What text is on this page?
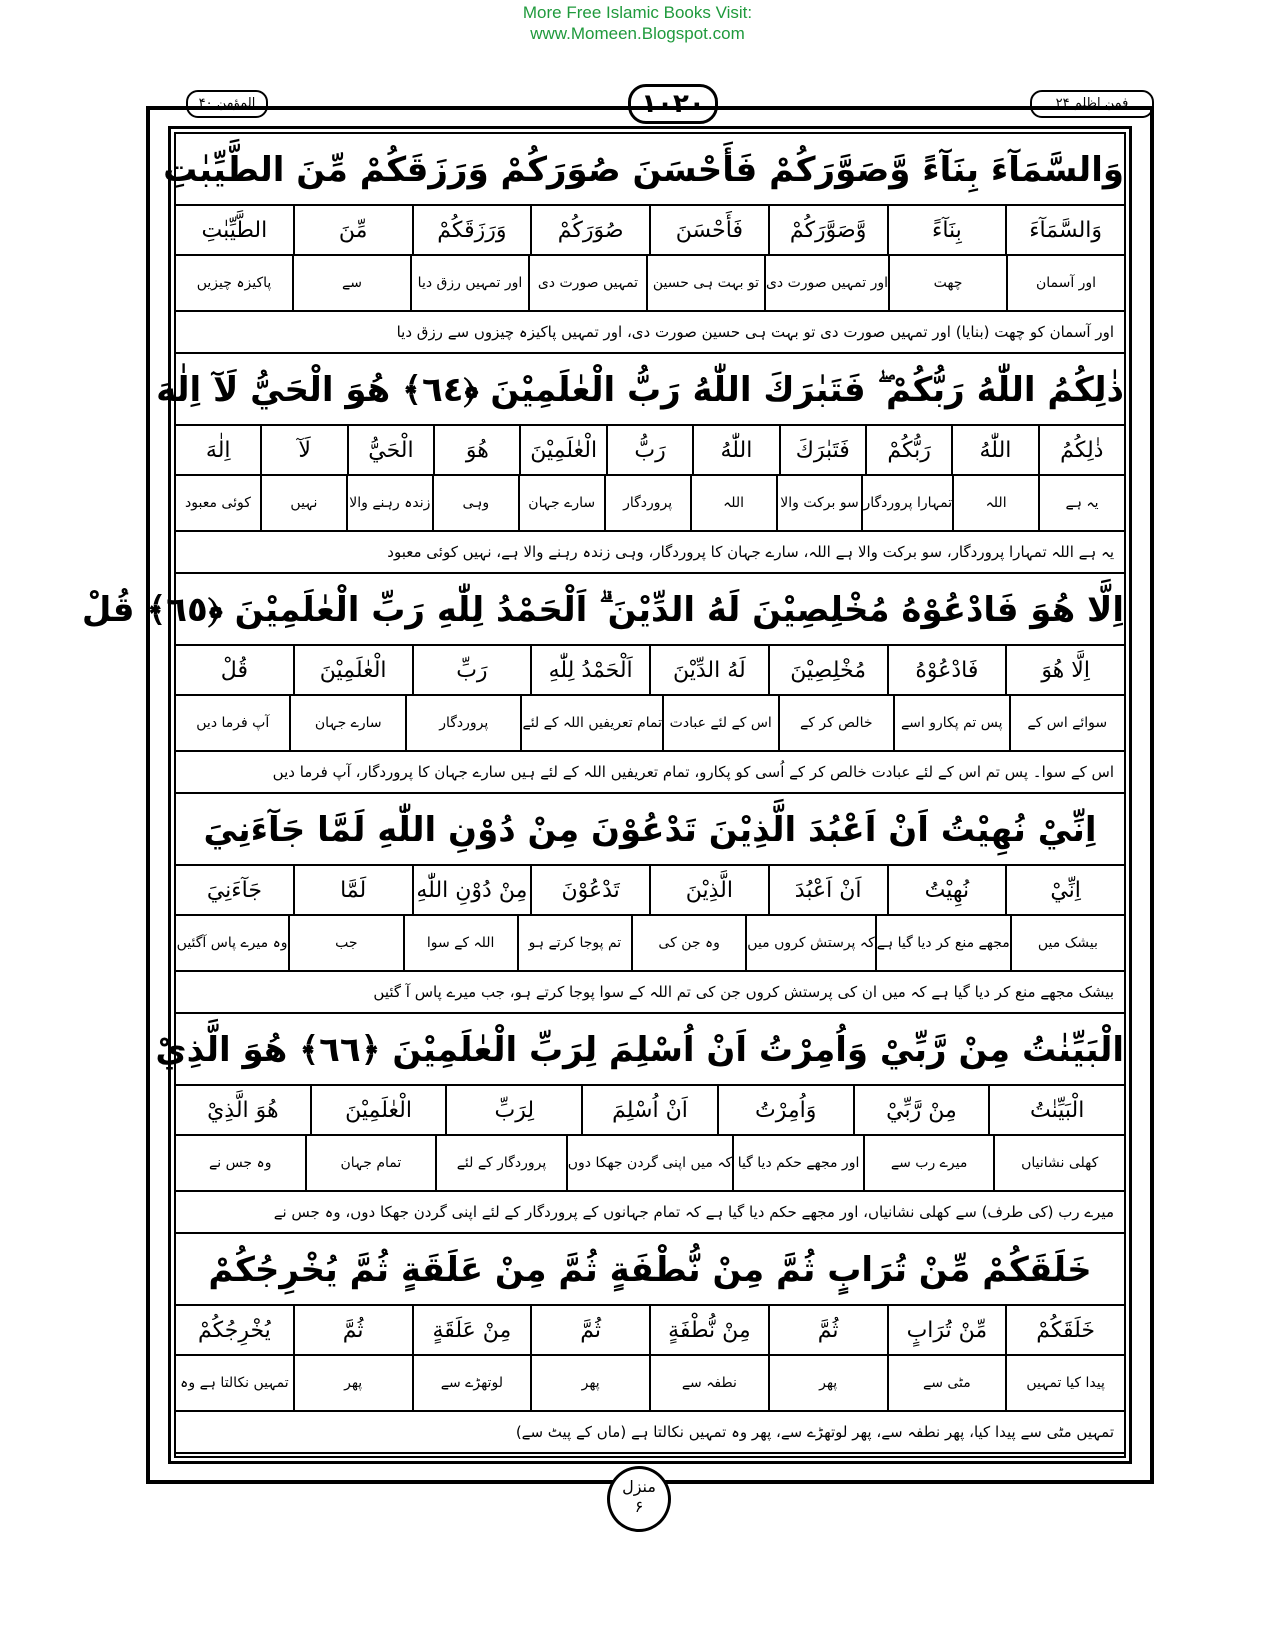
More Free Islamic Books Visit:
www.Momeen.Blogspot.com
المؤمن ۴۰	۱۰۲۰	فمن اظلم ۲۴
وَالسَّمَآءَ بِنَآءً وَّصَوَّرَكُمْ فَأَحْسَنَ صُوَرَكُمْ وَرَزَقَكُمْ مِّنَ الطَّيِّبٰتِ
وَالسَّمَآءَ
بِنَآءً
وَّصَوَّرَكُمْ
فَأَحْسَنَ
صُوَرَكُمْ
وَرَزَقَكُمْ
مِّنَ
الطَّيِّبٰتِ
اور آسمان
چھت
اور تمہیں صورت دی
تو بہت ہی حسین
تمہیں صورت دی
اور تمہیں رزق دیا
سے
پاکیزہ چیزیں
اور آسمان کو چھت (بنایا) اور تمہیں صورت دی تو بہت ہی حسین صورت دی، اور تمہیں پاکیزہ چیزوں سے رزق دیا
ذٰلِكُمُ اللّٰهُ رَبُّكُمْ ۖ فَتَبٰرَكَ اللّٰهُ رَبُّ الْعٰلَمِيْنَ ﴿٦٤﴾ هُوَ الْحَيُّ لَآ اِلٰهَ
ذٰلِكُمُ
اللّٰهُ
رَبُّكُمْ
فَتَبٰرَكَ
اللّٰهُ
رَبُّ
الْعٰلَمِيْنَ
هُوَ
الْحَيُّ
لَآ
اِلٰهَ
یہ ہے
اللہ
تمہارا پروردگار
سو برکت والا
اللہ
پروردگار
سارے جہان
وہی
زندہ رہنے والا
نہیں
کوئی معبود
یہ ہے اللہ تمہارا پروردگار، سو برکت والا ہے اللہ، سارے جہان کا پروردگار، وہی زندہ رہنے والا ہے، نہیں کوئی معبود
اِلَّا هُوَ فَادْعُوْهُ مُخْلِصِيْنَ لَهُ الدِّيْنَ ۗ اَلْحَمْدُ لِلّٰهِ رَبِّ الْعٰلَمِيْنَ ﴿٦٥﴾ قُلْ
اِلَّا هُوَ
فَادْعُوْهُ
مُخْلِصِيْنَ
لَهُ الدِّيْنَ
اَلْحَمْدُ لِلّٰهِ
رَبِّ
الْعٰلَمِيْنَ
قُلْ
سوائے اس کے
پس تم پکارو اسے
خالص کر کے
اس کے لئے عبادت
تمام تعریفیں اللہ کے لئے
پروردگار
سارے جہان
آپ فرما دیں
اس کے سوا۔ پس تم اس کے لئے عبادت خالص کر کے اُسی کو پکارو، تمام تعریفیں اللہ کے لئے ہیں سارے جہان کا پروردگار، آپ فرما دیں
اِنِّيْ نُهِيْتُ اَنْ اَعْبُدَ الَّذِيْنَ تَدْعُوْنَ مِنْ دُوْنِ اللّٰهِ لَمَّا جَآءَنِيَ
اِنِّيْ
نُهِيْتُ
اَنْ اَعْبُدَ
الَّذِيْنَ
تَدْعُوْنَ
مِنْ دُوْنِ اللّٰهِ
لَمَّا
جَآءَنِيَ
بیشک میں
مجھے منع کر دیا گیا ہے
کہ پرستش کروں میں
وہ جن کی
تم پوجا کرتے ہو
اللہ کے سوا
جب
وہ میرے پاس آگئیں
بیشک مجھے منع کر دیا گیا ہے کہ میں ان کی پرستش کروں جن کی تم اللہ کے سوا پوجا کرتے ہو، جب میرے پاس آ گئیں
الْبَيِّنٰتُ مِنْ رَّبِّيْ وَاُمِرْتُ اَنْ اُسْلِمَ لِرَبِّ الْعٰلَمِيْنَ ﴿٦٦﴾ هُوَ الَّذِيْ
الْبَيِّنٰتُ
مِنْ رَّبِّيْ
وَاُمِرْتُ
اَنْ اُسْلِمَ
لِرَبِّ
الْعٰلَمِيْنَ
هُوَ الَّذِيْ
کھلی نشانیاں
میرے رب سے
اور مجھے حکم دیا گیا
کہ میں اپنی گردن جھکا دوں
پروردگار کے لئے
تمام جہان
وہ جس نے
میرے رب (کی طرف) سے کھلی نشانیاں، اور مجھے حکم دیا گیا ہے کہ تمام جہانوں کے پروردگار کے لئے اپنی گردن جھکا دوں، وہ جس نے
خَلَقَكُمْ مِّنْ تُرَابٍ ثُمَّ مِنْ نُّطْفَةٍ ثُمَّ مِنْ عَلَقَةٍ ثُمَّ يُخْرِجُكُمْ
خَلَقَكُمْ
مِّنْ تُرَابٍ
ثُمَّ
مِنْ نُّطْفَةٍ
ثُمَّ
مِنْ عَلَقَةٍ
ثُمَّ
يُخْرِجُكُمْ
پیدا کیا تمہیں
مٹی سے
پھر
نطفہ سے
پھر
لوتھڑے سے
پھر
تمہیں نکالتا ہے وہ
تمہیں مٹی سے پیدا کیا، پھر نطفہ سے، پھر لوتھڑے سے، پھر وہ تمہیں نکالتا ہے (ماں کے پیٹ سے)
منزل
۶
